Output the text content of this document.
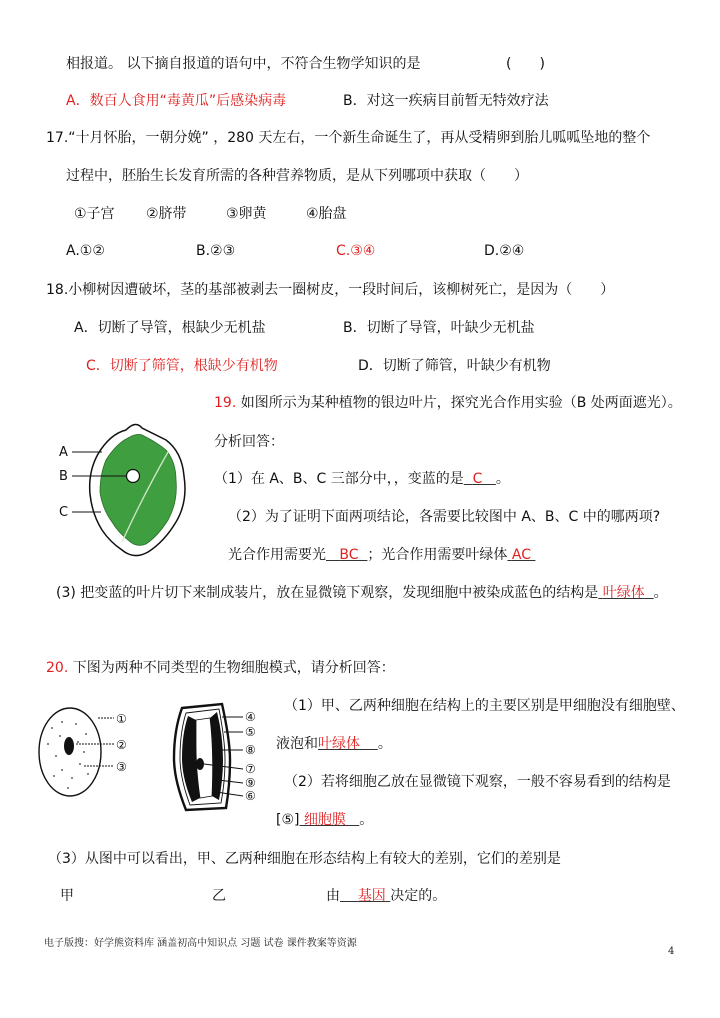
相报道。 以下摘自报道的语句中，不符合生物学知识的是	(　　)
A．数百人食用“毒黄瓜”后感染病毒	B．对这一疾病目前暂无特效疗法
17.“十月怀胎，一朝分娩” ，280 天左右，一个新生命诞生了，再从受精卵到胎儿呱呱坠地的整个
过程中，胚胎生长发育所需的各种营养物质，是从下列哪项中获取（　　）
①子宫 ②脐带	③卵黄	④胎盘
A.①②	B.②③	C.③④	D.②④
18.小柳树因遭破坏，茎的基部被剥去一圈树皮，一段时间后，该柳树死亡，是因为（　　）
A．切断了导管，根缺少无机盐	B．切断了导管，叶缺少无机盐
C．切断了筛管，根缺少有机物	D．切断了筛管，叶缺少有机物
A
B
C
19. 如图所示为某种植物的银边叶片，探究光合作用实验（B 处两面遮光）。
分析回答：
（1）在 A、B、C 三部分中，，变蓝的是 C 。
（2）为了证明下面两项结论，各需要比较图中 A、B、C 中的哪两项?
光合作用需要光 BC ；光合作用需要叶绿体 AC
(3) 把变蓝的叶片切下来制成装片，放在显微镜下观察，发现细胞中被染成蓝色的结构是 叶绿体 。
20. 下图为两种不同类型的生物细胞模式，请分析回答：
①
②
③
④
⑤
⑧
⑦
⑨
⑥
（1）甲、乙两种细胞在结构上的主要区别是甲细胞没有细胞壁、
液泡和叶绿体 。
（2）若将细胞乙放在显微镜下观察，一般不容易看到的结构是
[⑤] 细胞膜 。
（3）从图中可以看出，甲、乙两种细胞在形态结构上有较大的差别，它们的差别是
甲	乙	由 基因 决定的。
电子版搜：好学熊资料库 涵盖初高中知识点 习题 试卷 课件教案等资源
4
